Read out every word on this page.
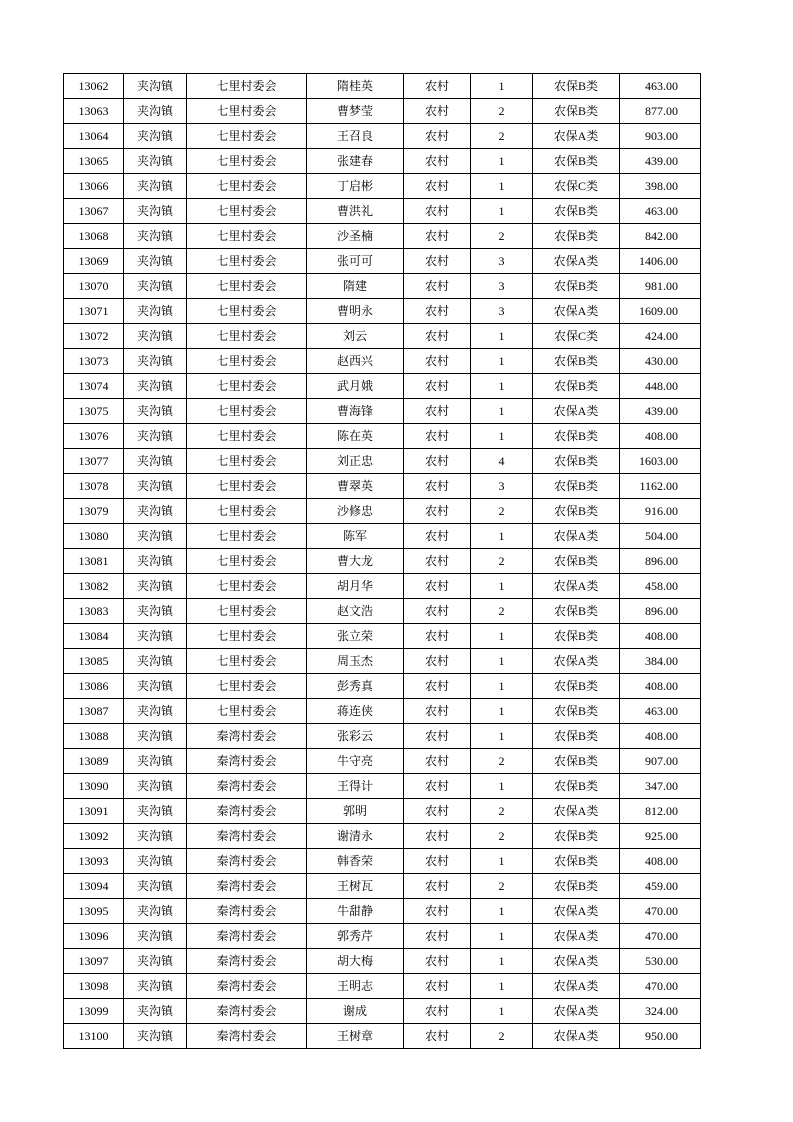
13062	夹沟镇	七里村委会	隋桂英	农村	1	农保B类	463.00
13063	夹沟镇	七里村委会	曹梦莹	农村	2	农保B类	877.00
13064	夹沟镇	七里村委会	王召良	农村	2	农保A类	903.00
13065	夹沟镇	七里村委会	张建春	农村	1	农保B类	439.00
13066	夹沟镇	七里村委会	丁启彬	农村	1	农保C类	398.00
13067	夹沟镇	七里村委会	曹洪礼	农村	1	农保B类	463.00
13068	夹沟镇	七里村委会	沙圣楠	农村	2	农保B类	842.00
13069	夹沟镇	七里村委会	张可可	农村	3	农保A类	1406.00
13070	夹沟镇	七里村委会	隋建	农村	3	农保B类	981.00
13071	夹沟镇	七里村委会	曹明永	农村	3	农保A类	1609.00
13072	夹沟镇	七里村委会	刘云	农村	1	农保C类	424.00
13073	夹沟镇	七里村委会	赵西兴	农村	1	农保B类	430.00
13074	夹沟镇	七里村委会	武月娥	农村	1	农保B类	448.00
13075	夹沟镇	七里村委会	曹海锋	农村	1	农保A类	439.00
13076	夹沟镇	七里村委会	陈在英	农村	1	农保B类	408.00
13077	夹沟镇	七里村委会	刘正忠	农村	4	农保B类	1603.00
13078	夹沟镇	七里村委会	曹翠英	农村	3	农保B类	1162.00
13079	夹沟镇	七里村委会	沙修忠	农村	2	农保B类	916.00
13080	夹沟镇	七里村委会	陈军	农村	1	农保A类	504.00
13081	夹沟镇	七里村委会	曹大龙	农村	2	农保B类	896.00
13082	夹沟镇	七里村委会	胡月华	农村	1	农保A类	458.00
13083	夹沟镇	七里村委会	赵文浩	农村	2	农保B类	896.00
13084	夹沟镇	七里村委会	张立荣	农村	1	农保B类	408.00
13085	夹沟镇	七里村委会	周玉杰	农村	1	农保A类	384.00
13086	夹沟镇	七里村委会	彭秀真	农村	1	农保B类	408.00
13087	夹沟镇	七里村委会	蒋连侠	农村	1	农保B类	463.00
13088	夹沟镇	秦湾村委会	张彩云	农村	1	农保B类	408.00
13089	夹沟镇	秦湾村委会	牛守亮	农村	2	农保B类	907.00
13090	夹沟镇	秦湾村委会	王得计	农村	1	农保B类	347.00
13091	夹沟镇	秦湾村委会	郭明	农村	2	农保A类	812.00
13092	夹沟镇	秦湾村委会	谢清永	农村	2	农保B类	925.00
13093	夹沟镇	秦湾村委会	韩香荣	农村	1	农保B类	408.00
13094	夹沟镇	秦湾村委会	王树瓦	农村	2	农保B类	459.00
13095	夹沟镇	秦湾村委会	牛甜静	农村	1	农保A类	470.00
13096	夹沟镇	秦湾村委会	郭秀芹	农村	1	农保A类	470.00
13097	夹沟镇	秦湾村委会	胡大梅	农村	1	农保A类	530.00
13098	夹沟镇	秦湾村委会	王明志	农村	1	农保A类	470.00
13099	夹沟镇	秦湾村委会	谢成	农村	1	农保A类	324.00
13100	夹沟镇	秦湾村委会	王树章	农村	2	农保A类	950.00
